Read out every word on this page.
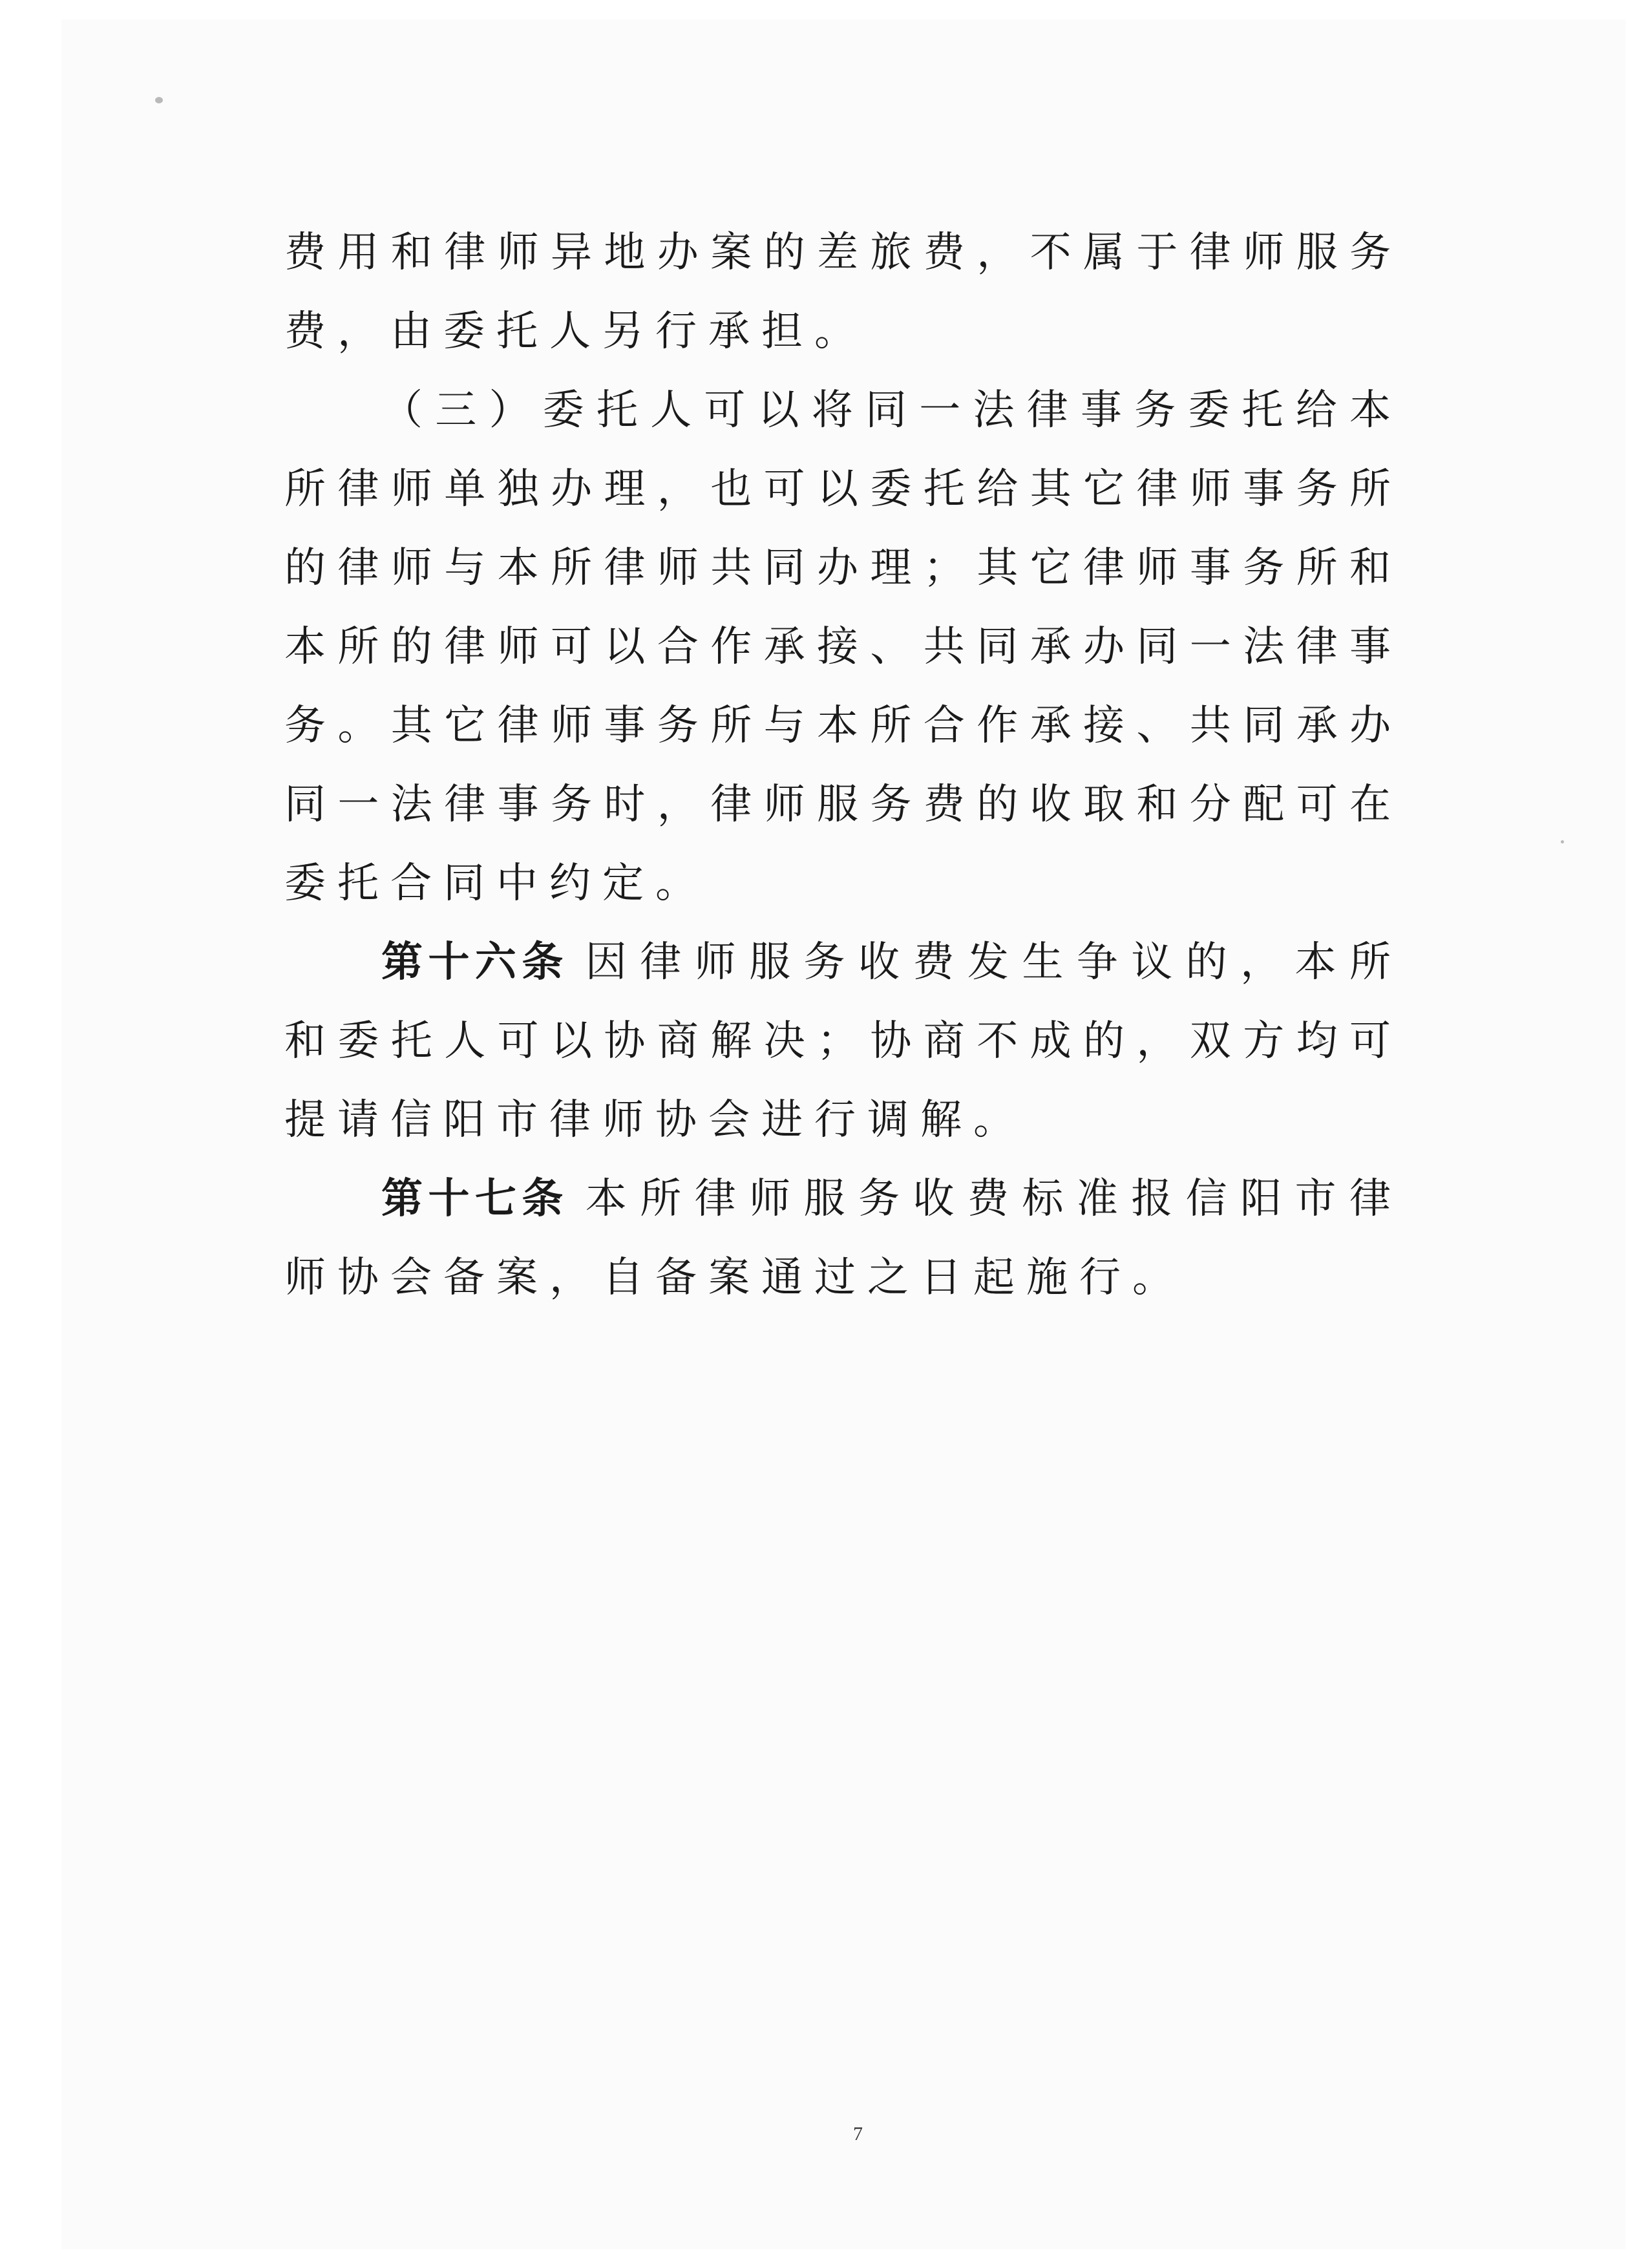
费用和律师异地办案的差旅费，不属于律师服务费，由委托人另行承担。

（三）委托人可以将同一法律事务委托给本所律师单独办理，也可以委托给其它律师事务所的律师与本所律师共同办理；其它律师事务所和本所的律师可以合作承接、共同承办同一法律事务。其它律师事务所与本所合作承接、共同承办同一法律事务时，律师服务费的收取和分配可在委托合同中约定。

第十六条 因律师服务收费发生争议的，本所和委托人可以协商解决；协商不成的，双方均可提请信阳市律师协会进行调解。

第十七条 本所律师服务收费标准报信阳市律师协会备案，自备案通过之日起施行。

7
